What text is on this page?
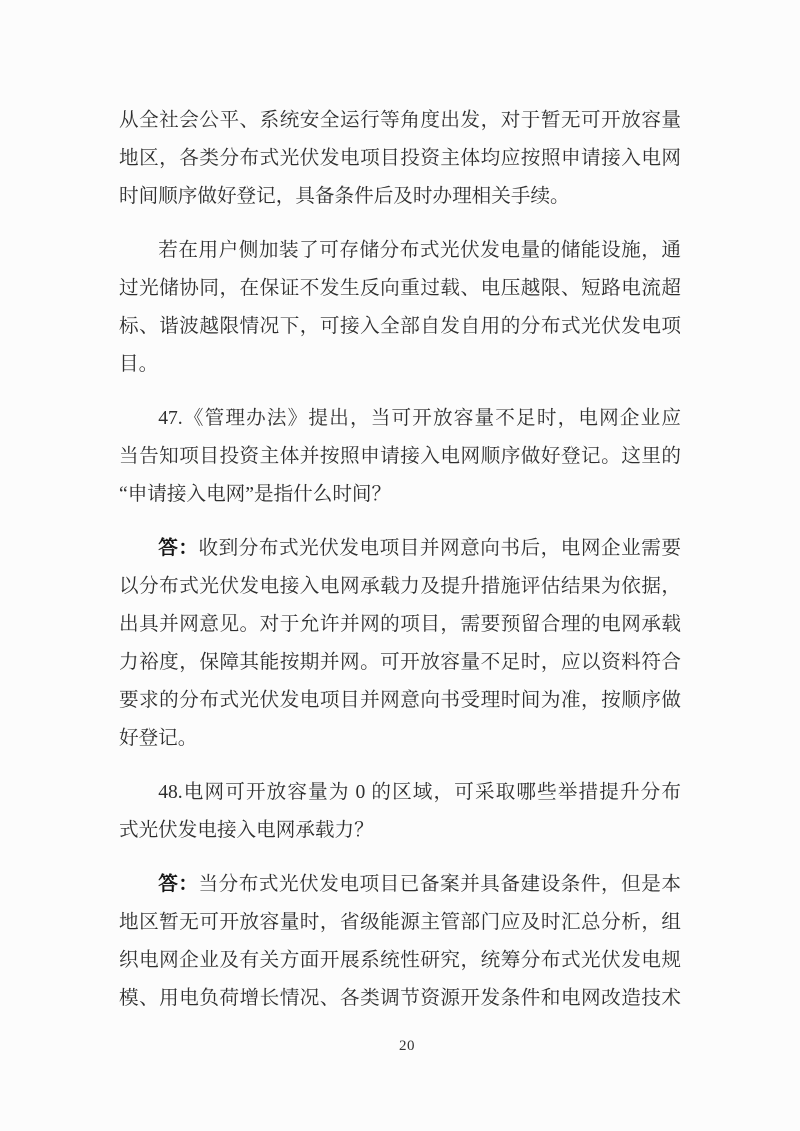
从全社会公平、系统安全运行等角度出发，对于暂无可开放容量
地区，各类分布式光伏发电项目投资主体均应按照申请接入电网
时间顺序做好登记，具备条件后及时办理相关手续。
若在用户侧加装了可存储分布式光伏发电量的储能设施，通
过光储协同，在保证不发生反向重过载、电压越限、短路电流超
标、谐波越限情况下，可接入全部自发自用的分布式光伏发电项
目。
47.《管理办法》提出，当可开放容量不足时，电网企业应
当告知项目投资主体并按照申请接入电网顺序做好登记。这里的
“申请接入电网”是指什么时间？
答：收到分布式光伏发电项目并网意向书后，电网企业需要
以分布式光伏发电接入电网承载力及提升措施评估结果为依据，
出具并网意见。对于允许并网的项目，需要预留合理的电网承载
力裕度，保障其能按期并网。可开放容量不足时，应以资料符合
要求的分布式光伏发电项目并网意向书受理时间为准，按顺序做
好登记。
48.电网可开放容量为 0 的区域，可采取哪些举措提升分布
式光伏发电接入电网承载力？
答：当分布式光伏发电项目已备案并具备建设条件，但是本
地区暂无可开放容量时，省级能源主管部门应及时汇总分析，组
织电网企业及有关方面开展系统性研究，统筹分布式光伏发电规
模、用电负荷增长情况、各类调节资源开发条件和电网改造技术
20
